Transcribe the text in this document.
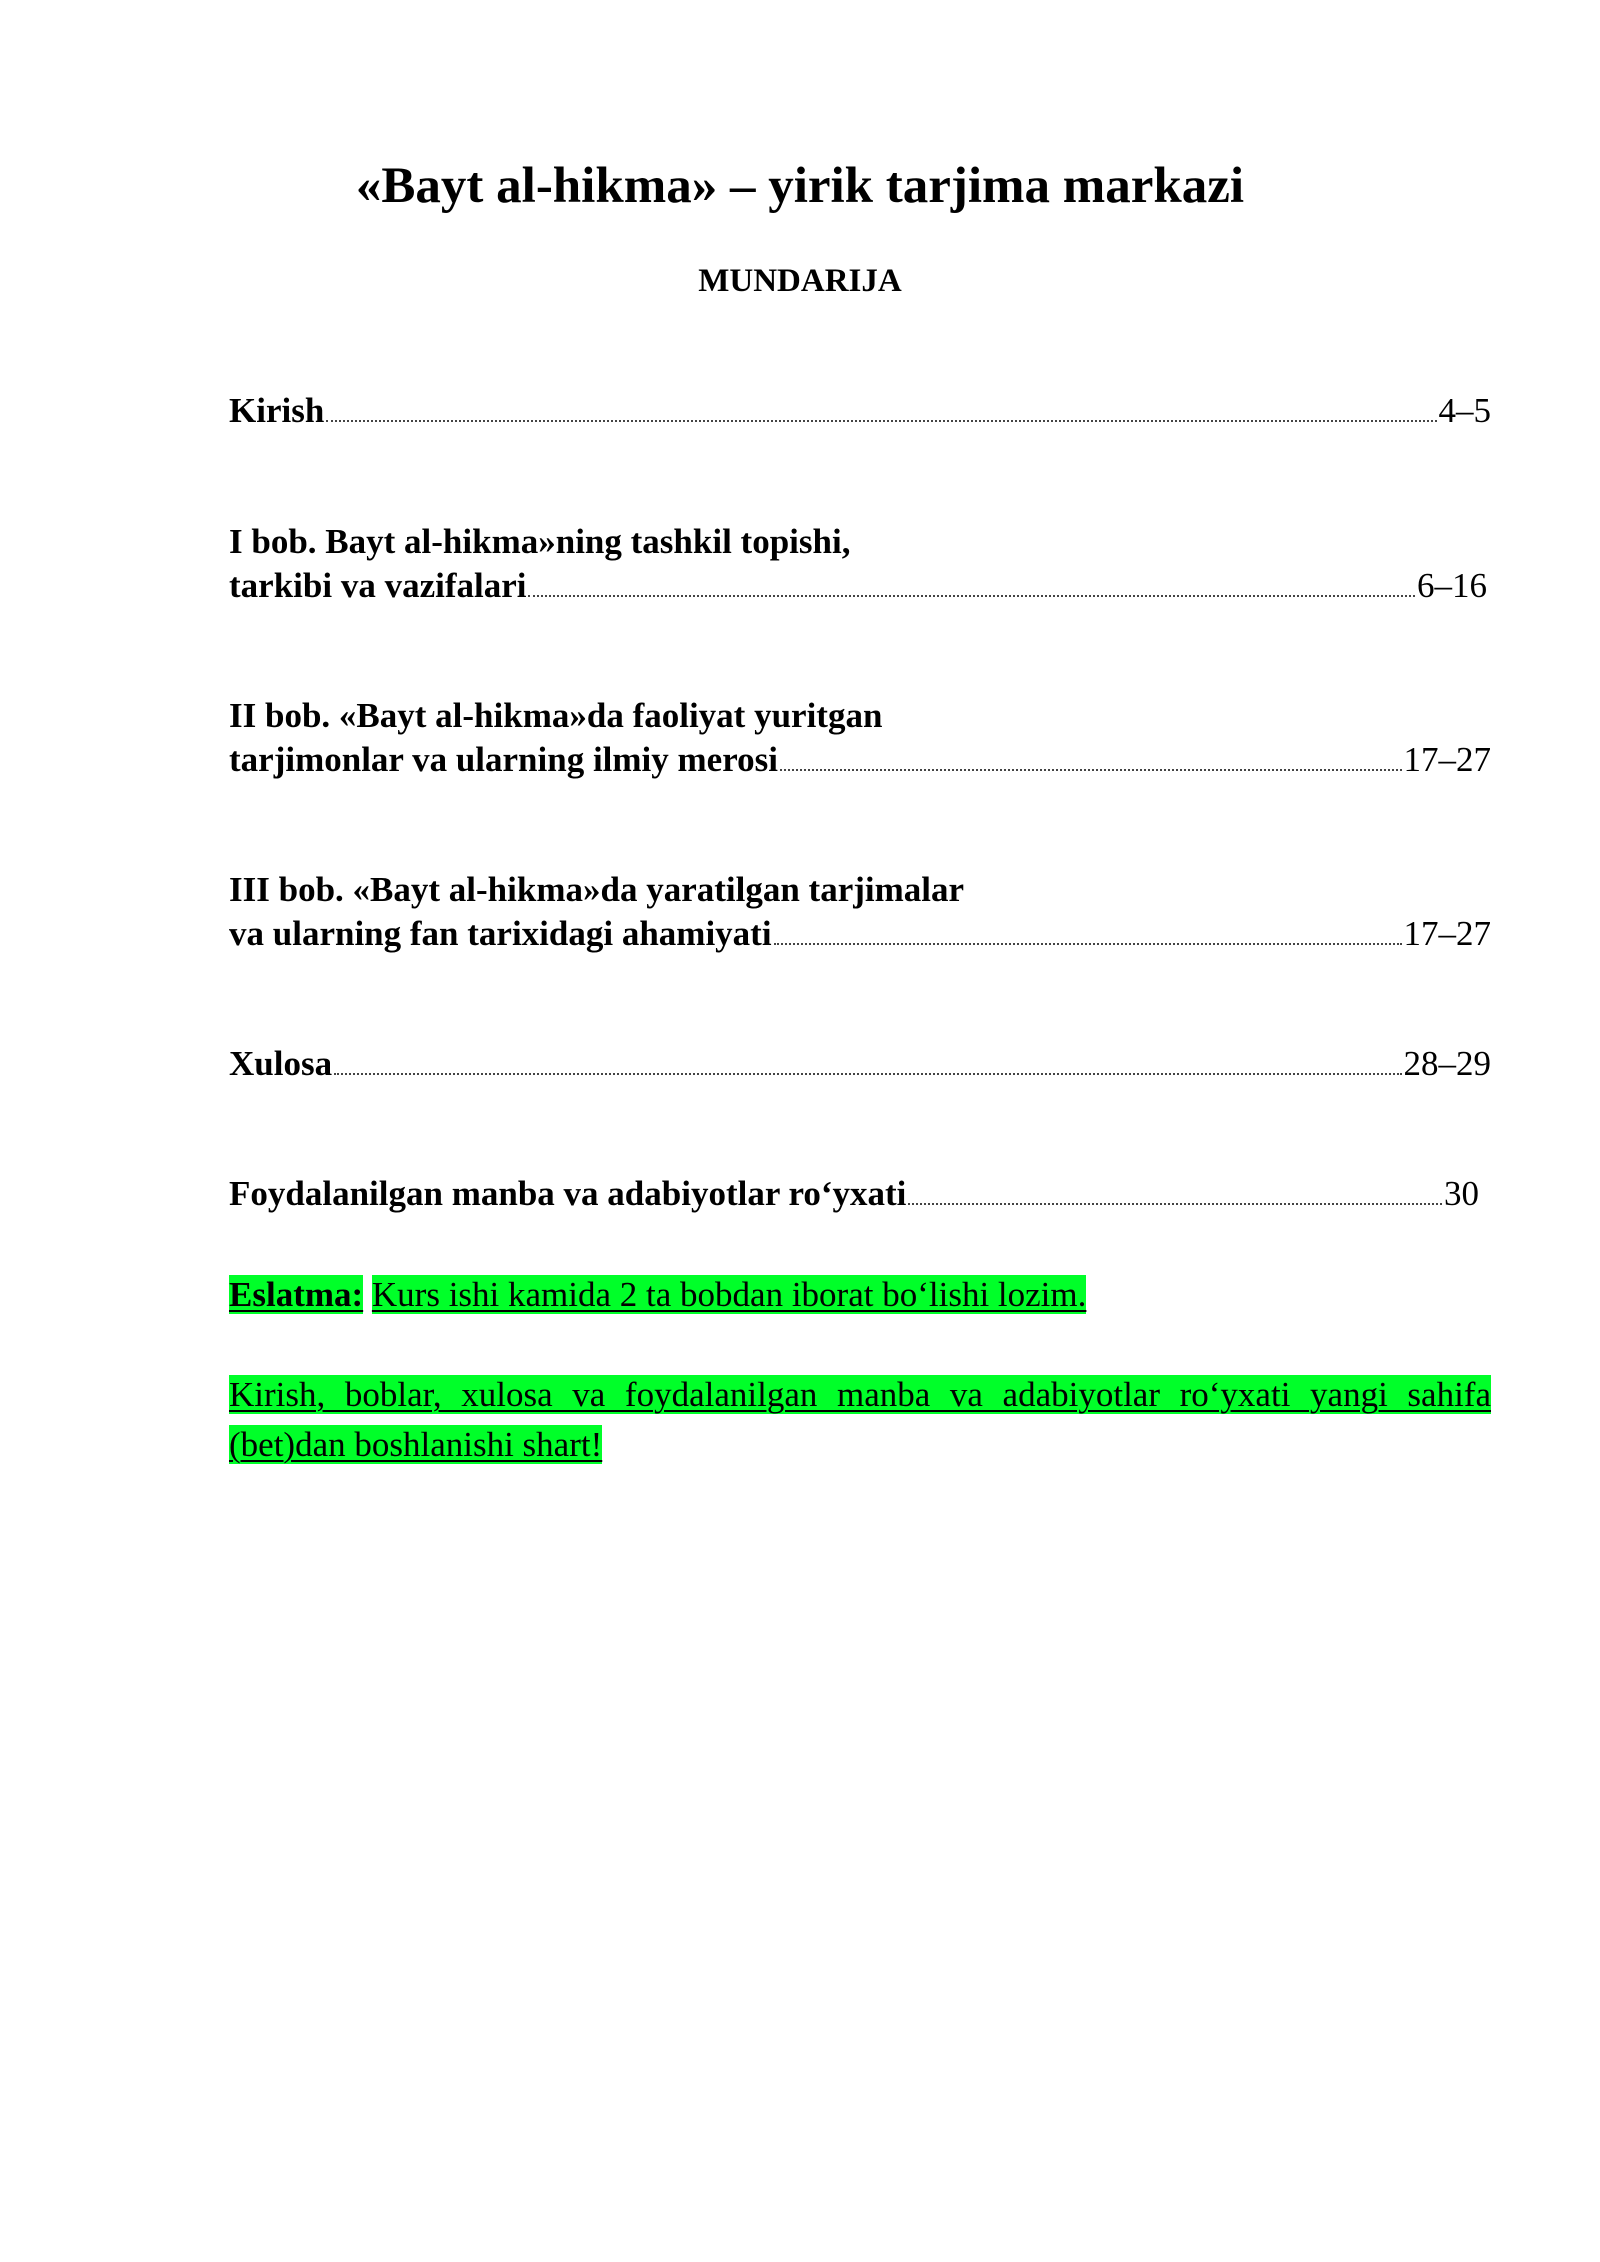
«Bayt al-hikma» – yirik tarjima markazi
MUNDARIJA
Kirish	4–5
I bob. Bayt al-hikma»ning tashkil topishi,
tarkibi va vazifalari	6–16
II bob. «Bayt al-hikma»da faoliyat yuritgan
tarjimonlar va ularning ilmiy merosi	17–27
III bob. «Bayt al-hikma»da yaratilgan tarjimalar
va ularning fan tarixidagi ahamiyati	17–27
Xulosa	28–29
Foydalanilgan manba va adabiyotlar ro‘yxati	30
Eslatma: Kurs ishi kamida 2 ta bobdan iborat bo‘lishi lozim.
Kirish, boblar, xulosa va foydalanilgan manba va adabiyotlar ro‘yxati yangi sahifa (bet)dan boshlanishi shart!
